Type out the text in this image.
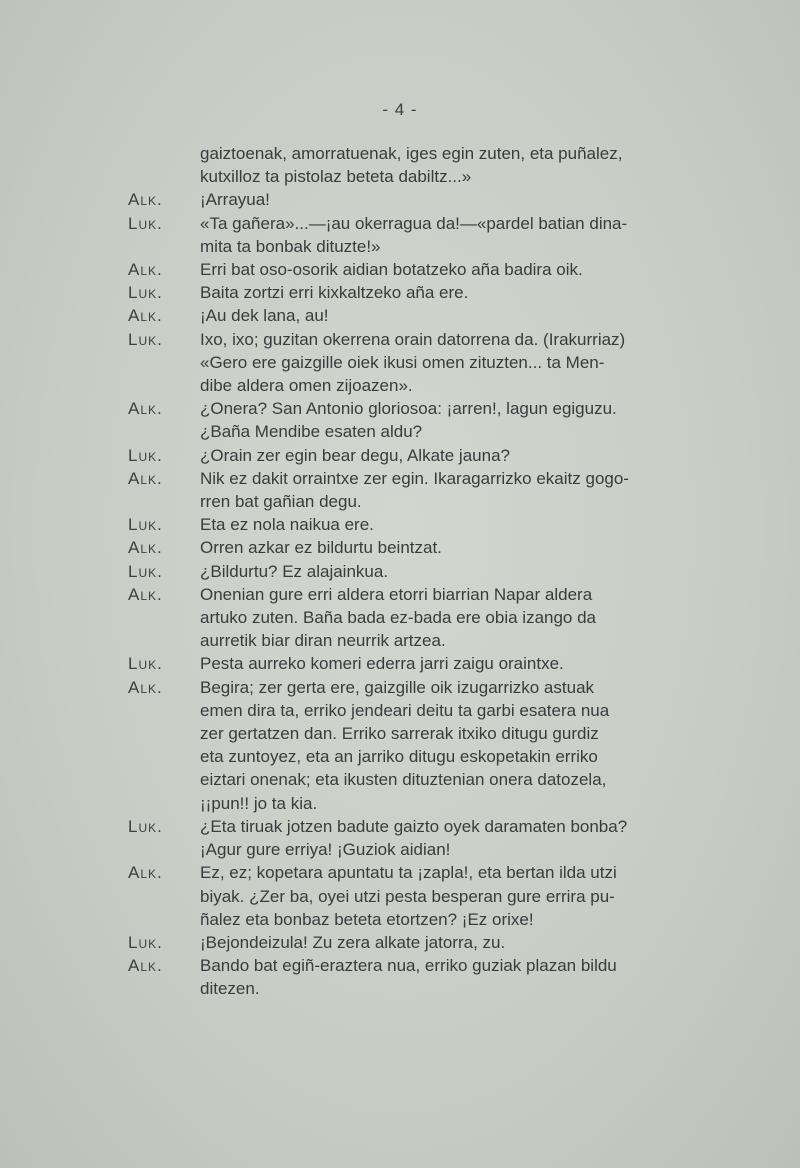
- 4 -
gaiztoenak, amorratuenak, iges egin zuten, eta puñalez,
kutxilloz ta pistolaz beteta dabiltz...»
Alk.	¡Arrayua!
Luk.	«Ta gañera»...—¡au okerragua da!—«pardel batian dina-
mita ta bonbak dituzte!»
Alk.	Erri bat oso-osorik aidian botatzeko aña badira oik.
Luk.	Baita zortzi erri kixkaltzeko aña ere.
Alk.	¡Au dek lana, au!
Luk.	Ixo, ixo; guzitan okerrena orain datorrena da. (Irakurriaz)
«Gero ere gaizgille oiek ikusi omen zituzten... ta Men-
dibe aldera omen zijoazen».
Alk.	¿Onera? San Antonio gloriosoa: ¡arren!, lagun egiguzu.
¿Baña Mendibe esaten aldu?
Luk.	¿Orain zer egin bear degu, Alkate jauna?
Alk.	Nik ez dakit orraintxe zer egin. Ikaragarrizko ekaitz gogo-
rren bat gañian degu.
Luk.	Eta ez nola naikua ere.
Alk.	Orren azkar ez bildurtu beintzat.
Luk.	¿Bildurtu? Ez alajainkua.
Alk.	Onenian gure erri aldera etorri biarrian Napar aldera
artuko zuten. Baña bada ez-bada ere obia izango da
aurretik biar diran neurrik artzea.
Luk.	Pesta aurreko komeri ederra jarri zaigu oraintxe.
Alk.	Begira; zer gerta ere, gaizgille oik izugarrizko astuak
emen dira ta, erriko jendeari deitu ta garbi esatera nua
zer gertatzen dan. Erriko sarrerak itxiko ditugu gurdiz
eta zuntoyez, eta an jarriko ditugu eskopetakin erriko
eiztari onenak; eta ikusten dituztenian onera datozela,
¡¡pun!! jo ta kia.
Luk.	¿Eta tiruak jotzen badute gaizto oyek daramaten bonba?
¡Agur gure erriya! ¡Guziok aidian!
Alk.	Ez, ez; kopetara apuntatu ta ¡zapla!, eta bertan ilda utzi
biyak. ¿Zer ba, oyei utzi pesta besperan gure errira pu-
ñalez eta bonbaz beteta etortzen? ¡Ez orixe!
Luk.	¡Bejondeizula! Zu zera alkate jatorra, zu.
Alk.	Bando bat egiñ-eraztera nua, erriko guziak plazan bildu
ditezen.
